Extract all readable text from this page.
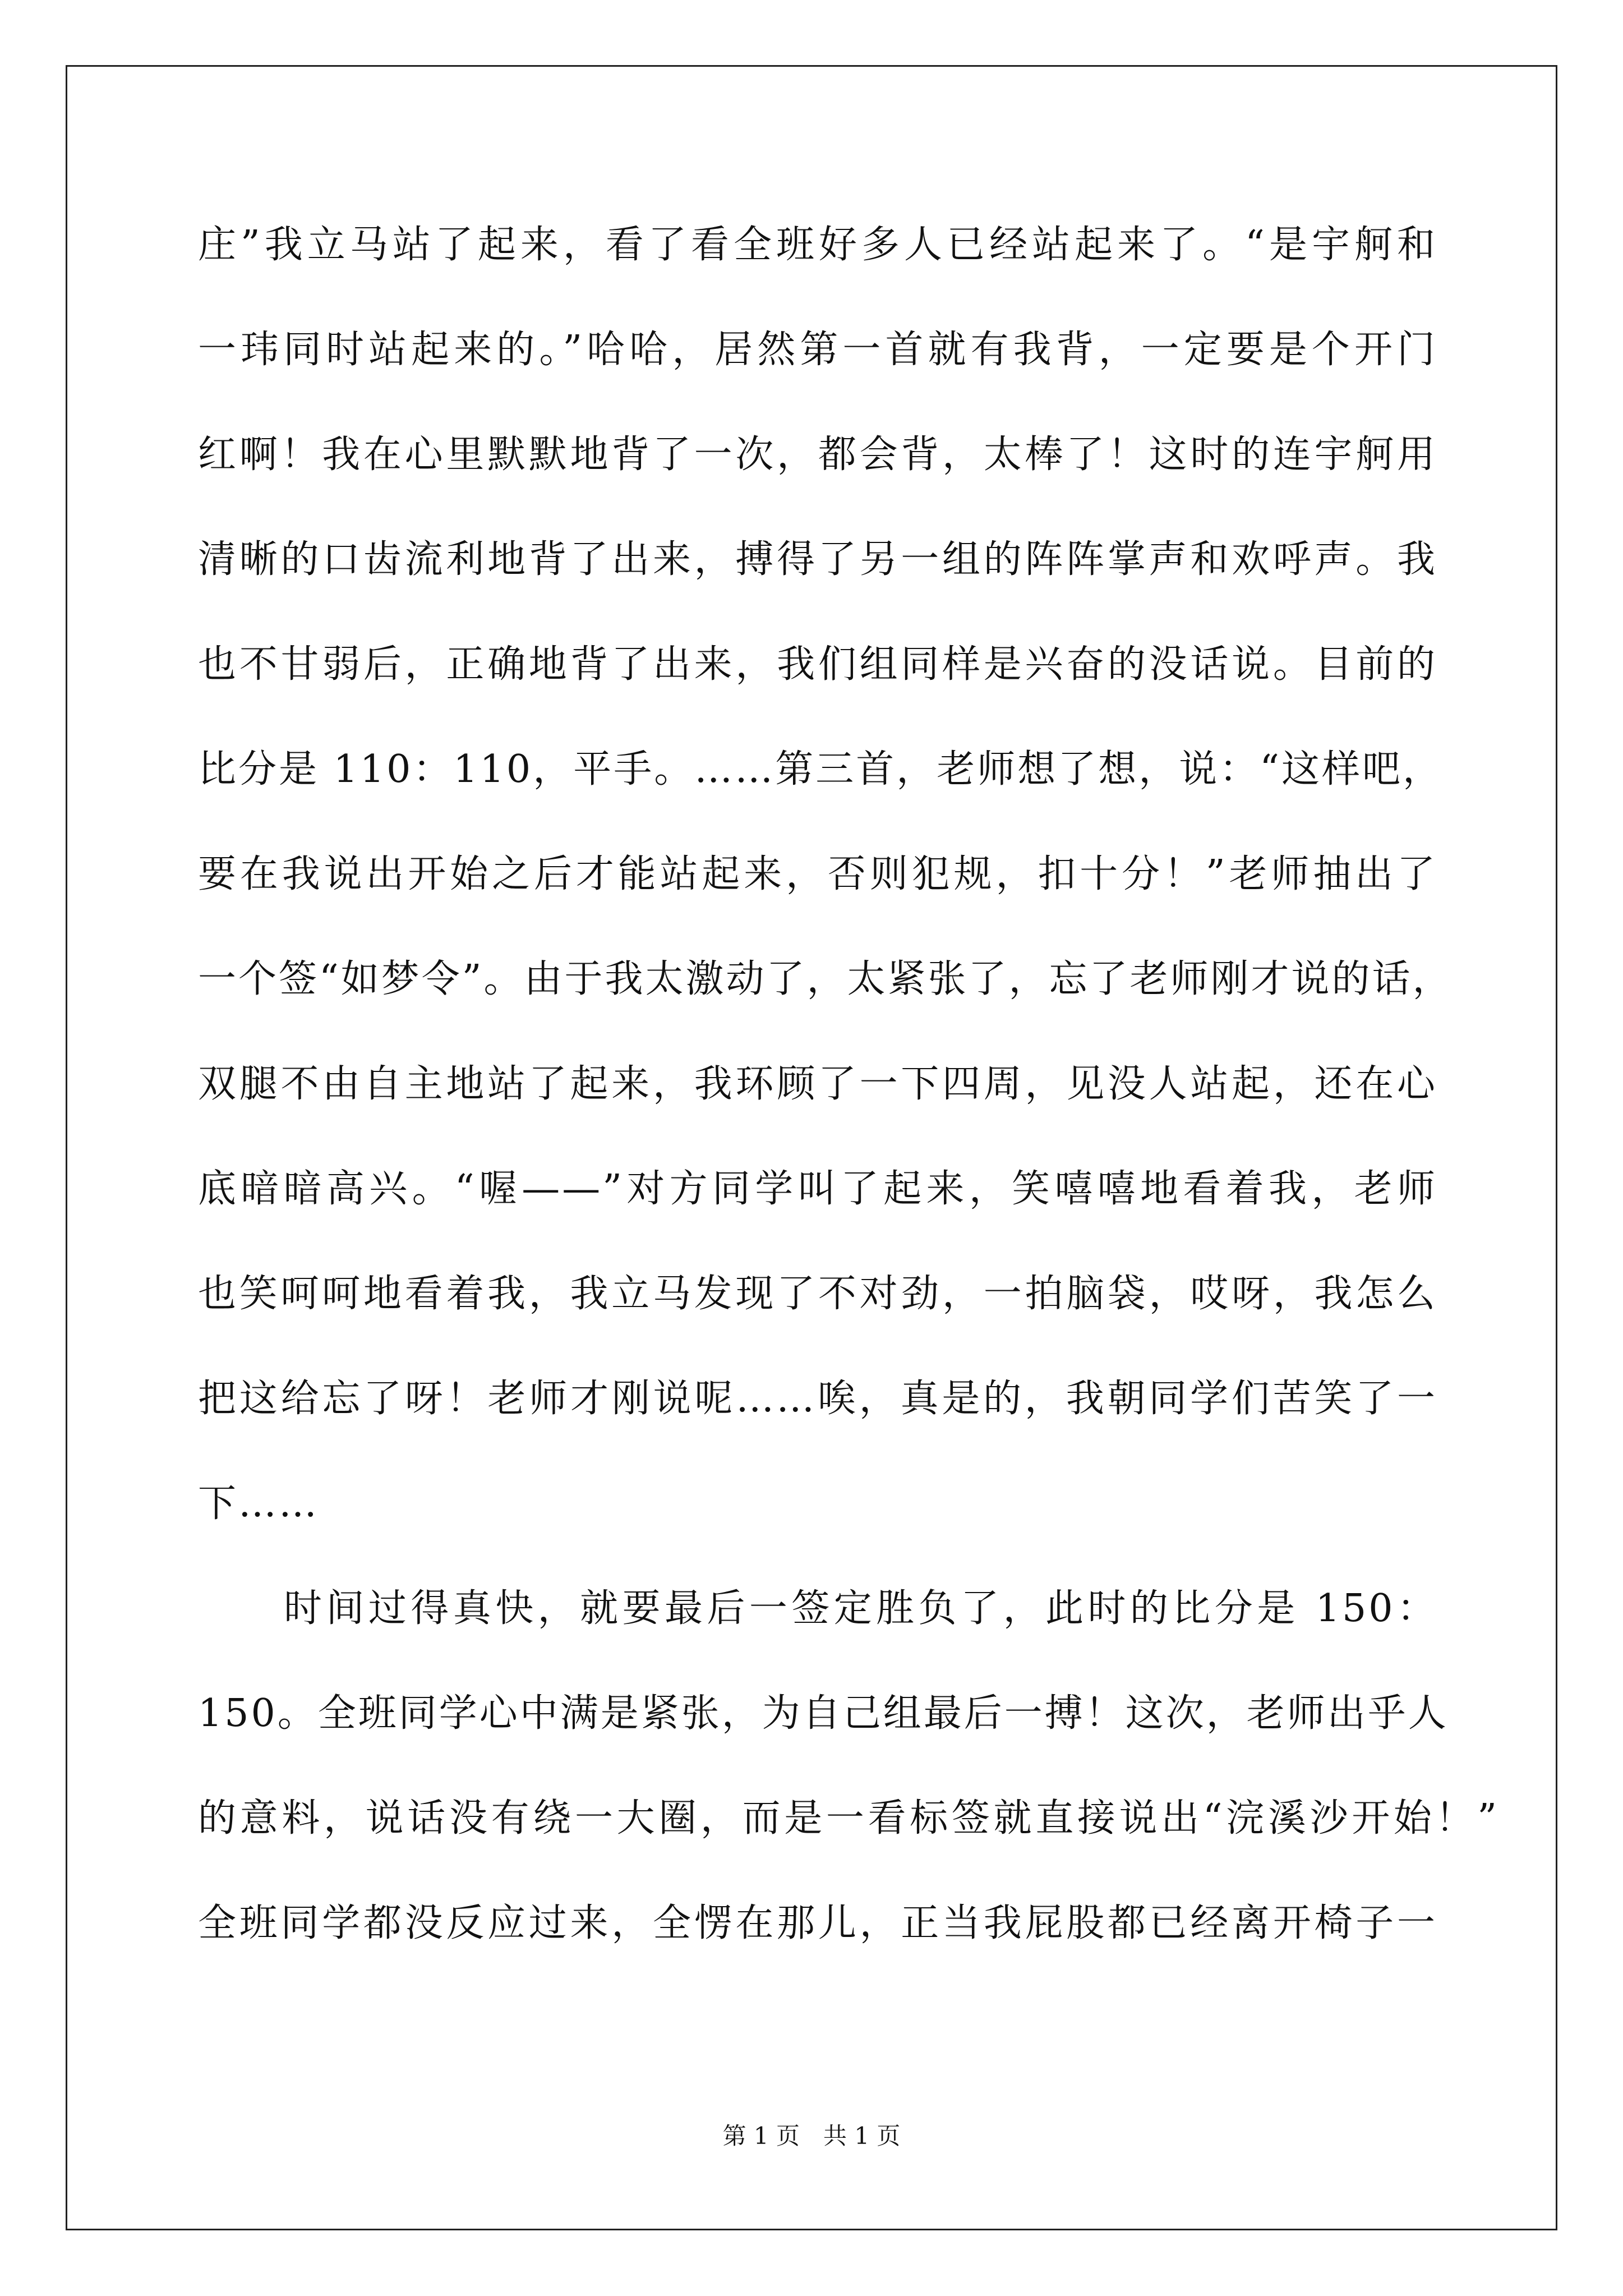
庄”我立马站了起来，看了看全班好多人已经站起来了。“是宇舸和
一玮同时站起来的。”哈哈，居然第一首就有我背，一定要是个开门
红啊！我在心里默默地背了一次，都会背，太棒了！这时的连宇舸用
清晰的口齿流利地背了出来，搏得了另一组的阵阵掌声和欢呼声。我
也不甘弱后，正确地背了出来，我们组同样是兴奋的没话说。目前的
比分是 110：110，平手。……第三首，老师想了想，说：“这样吧，
要在我说出开始之后才能站起来，否则犯规，扣十分！”老师抽出了
一个签“如梦令”。由于我太激动了，太紧张了，忘了老师刚才说的话，
双腿不由自主地站了起来，我环顾了一下四周，见没人站起，还在心
底暗暗高兴。“喔——”对方同学叫了起来，笑嘻嘻地看着我，老师
也笑呵呵地看着我，我立马发现了不对劲，一拍脑袋，哎呀，我怎么
把这给忘了呀！老师才刚说呢……唉，真是的，我朝同学们苦笑了一
下……
时间过得真快，就要最后一签定胜负了，此时的比分是 150：
150。全班同学心中满是紧张，为自己组最后一搏！这次，老师出乎人
的意料，说话没有绕一大圈，而是一看标签就直接说出“浣溪沙开始！”
全班同学都没反应过来，全愣在那儿，正当我屁股都已经离开椅子一
第 1 页　共 1 页
